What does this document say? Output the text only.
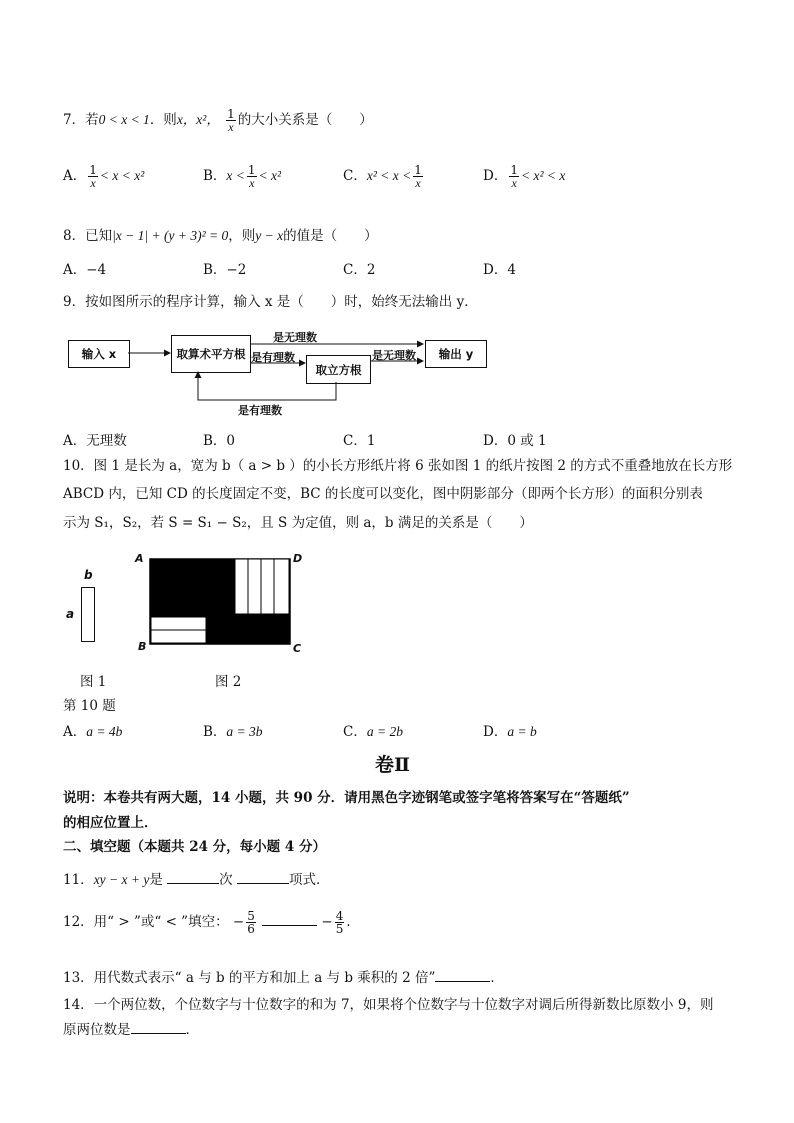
7．若0 < x < 1．则x，x²， $\frac{1}{x}$ 的大小关系是（　　）
A． $\frac{1}{x} < x < x^2$	B．$x < \frac{1}{x} < x^2$	C．$x^2 < x < \frac{1}{x}$	D． $\frac{1}{x} < x^2 < x$
8．已知|x − 1| + (y + 3)² = 0，则y − x的值是（　　）
A．−4	B．−2	C．2	D．4
9．按如图所示的程序计算，输入 x 是（　　）时，始终无法输出 y．
输入 x	取算术平方根
取立方根
输出 y
是无理数
是有理数	是无理数
是有理数
A．无理数	B．0	C．1	D．0 或 1
10．图 1 是长为 a，宽为 b（ a > b ）的小长方形纸片将 6 张如图 1 的纸片按图 2 的方式不重叠地放在长方形
ABCD 内，已知 CD 的长度固定不变，BC 的长度可以变化，图中阴影部分（即两个长方形）的面积分别表
示为 S₁，S₂，若 S = S₁ − S₂，且 S 为定值，则 a，b 满足的关系是（　　）
b
a
A	D
B	C
图 1	图 2
第 10 题
A．a = 4b	B．a = 3b	C．a = 2b	D．a = b
卷Ⅱ
说明：本卷共有两大题，14 小题，共 90 分．请用黑色字迹钢笔或签字笔将答案写在“答题纸”
的相应位置上．
二、填空题（本题共 24 分，每小题 4 分）
11．xy − x + y是	次	项式．
12．用“ > ”或“ < ”填空： − $\frac{5}{6}$	− $\frac{4}{5}$ ．
13．用代数式表示“ a 与 b 的平方和加上 a 与 b 乘积的 2 倍”	．
14．一个两位数，个位数字与十位数字的和为 7，如果将个位数字与十位数字对调后所得新数比原数小 9，则
原两位数是	．
